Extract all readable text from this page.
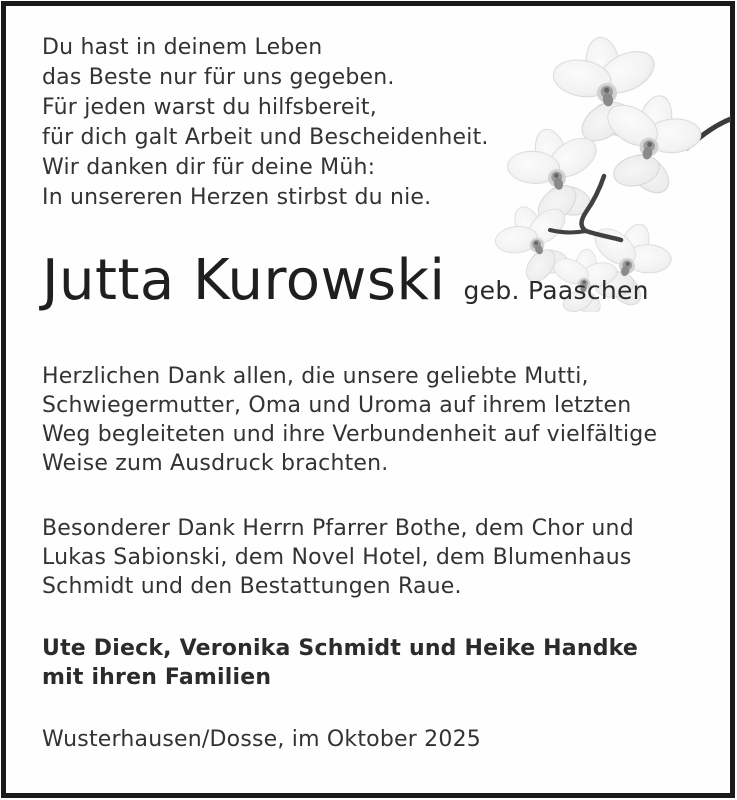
Du hast in deinem Leben
das Beste nur für uns gegeben.
Für jeden warst du hilfsbereit,
für dich galt Arbeit und Bescheidenheit.
Wir danken dir für deine Müh:
In unsereren Herzen stirbst du nie.
Jutta Kurowski geb. Paaschen
Herzlichen Dank allen, die unsere geliebte Mutti,
Schwiegermutter, Oma und Uroma auf ihrem letzten
Weg begleiteten und ihre Verbundenheit auf vielfältige
Weise zum Ausdruck brachten.
Besonderer Dank Herrn Pfarrer Bothe, dem Chor und
Lukas Sabionski, dem Novel Hotel, dem Blumenhaus
Schmidt und den Bestattungen Raue.
Ute Dieck, Veronika Schmidt und Heike Handke
mit ihren Familien
Wusterhausen/Dosse, im Oktober 2025
